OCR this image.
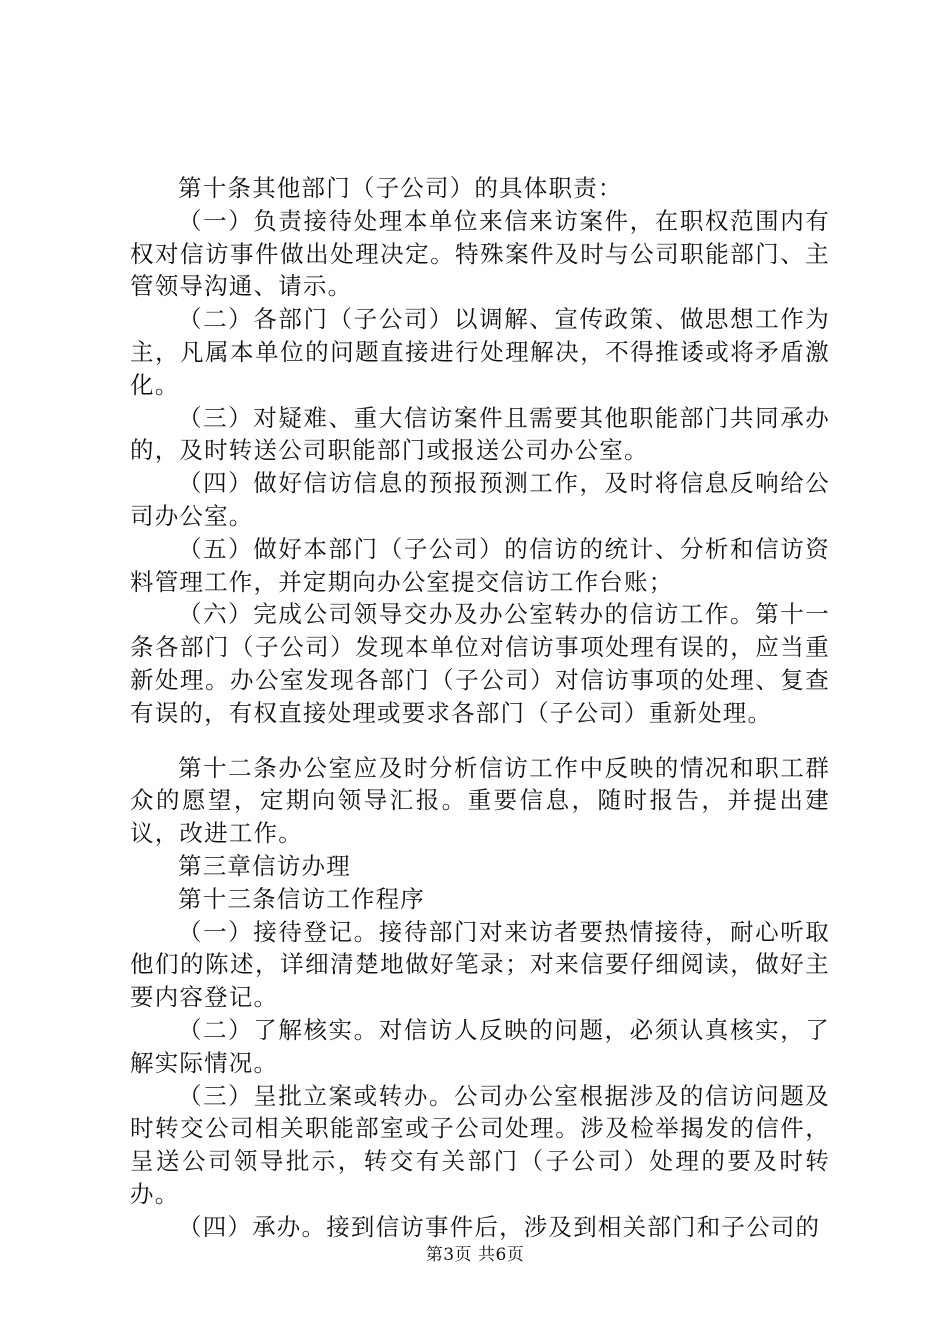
第十条其他部门（子公司）的具体职责：

（一）负责接待处理本单位来信来访案件，在职权范围内有权对信访事件做出处理决定。特殊案件及时与公司职能部门、主管领导沟通、请示。

（二）各部门（子公司）以调解、宣传政策、做思想工作为主，凡属本单位的问题直接进行处理解决，不得推诿或将矛盾激化。

（三）对疑难、重大信访案件且需要其他职能部门共同承办的，及时转送公司职能部门或报送公司办公室。

（四）做好信访信息的预报预测工作，及时将信息反响给公司办公室。

（五）做好本部门（子公司）的信访的统计、分析和信访资料管理工作，并定期向办公室提交信访工作台账；

（六）完成公司领导交办及办公室转办的信访工作。第十一条各部门（子公司）发现本单位对信访事项处理有误的，应当重新处理。办公室发现各部门（子公司）对信访事项的处理、复查有误的，有权直接处理或要求各部门（子公司）重新处理。

第十二条办公室应及时分析信访工作中反映的情况和职工群众的愿望，定期向领导汇报。重要信息，随时报告，并提出建议，改进工作。

第三章信访办理

第十三条信访工作程序

（一）接待登记。接待部门对来访者要热情接待，耐心听取他们的陈述，详细清楚地做好笔录；对来信要仔细阅读，做好主要内容登记。

（二）了解核实。对信访人反映的问题，必须认真核实，了解实际情况。

（三）呈批立案或转办。公司办公室根据涉及的信访问题及时转交公司相关职能部室或子公司处理。涉及检举揭发的信件，呈送公司领导批示，转交有关部门（子公司）处理的要及时转办。

（四）承办。接到信访事件后，涉及到相关部门和子公司的

第3页 共6页
